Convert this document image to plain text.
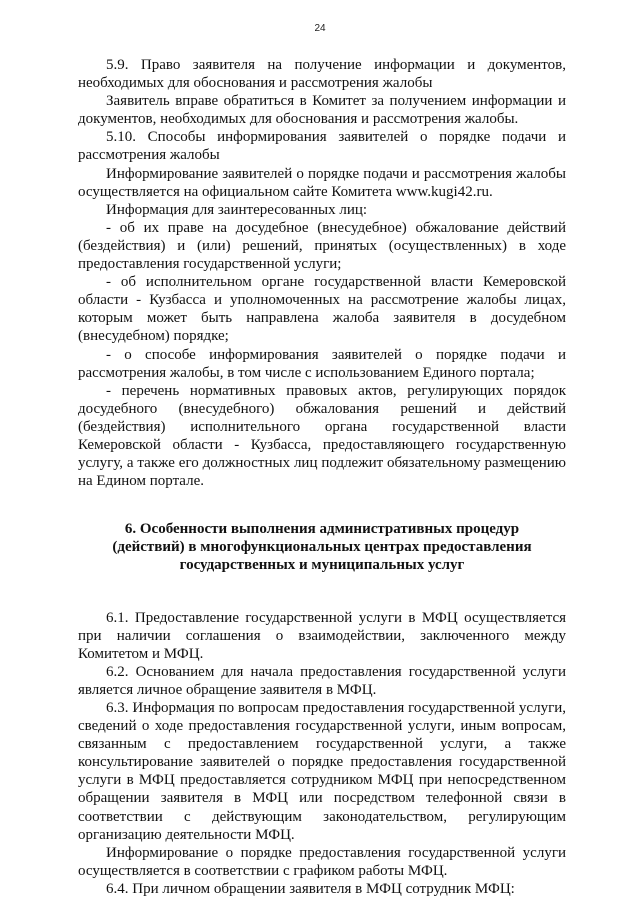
24

5.9. Право заявителя на получение информации и документов, необходимых для обоснования и рассмотрения жалобы

Заявитель вправе обратиться в Комитет за получением информации и документов, необходимых для обоснования и рассмотрения жалобы.

5.10. Способы информирования заявителей о порядке подачи и рассмотрения жалобы

Информирование заявителей о порядке подачи и рассмотрения жалобы осуществляется на официальном сайте Комитета www.kugi42.ru.

Информация для заинтересованных лиц:

- об их праве на досудебное (внесудебное) обжалование действий (бездействия) и (или) решений, принятых (осуществленных) в ходе предоставления государственной услуги;

- об исполнительном органе государственной власти Кемеровской области - Кузбасса и уполномоченных на рассмотрение жалобы лицах, которым может быть направлена жалоба заявителя в досудебном (внесудебном) порядке;

- о способе информирования заявителей о порядке подачи и рассмотрения жалобы, в том числе с использованием Единого портала;

- перечень нормативных правовых актов, регулирующих порядок досудебного (внесудебного) обжалования решений и действий (бездействия) исполнительного органа государственной власти Кемеровской области - Кузбасса, предоставляющего государственную услугу, а также его должностных лиц подлежит обязательному размещению на Едином портале.

6. Особенности выполнения административных процедур
(действий) в многофункциональных центрах предоставления
государственных и муниципальных услуг

6.1. Предоставление государственной услуги в МФЦ осуществляется при наличии соглашения о взаимодействии, заключенного между Комитетом и МФЦ.

6.2. Основанием для начала предоставления государственной услуги является личное обращение заявителя в МФЦ.

6.3. Информация по вопросам предоставления государственной услуги, сведений о ходе предоставления государственной услуги, иным вопросам, связанным с предоставлением государственной услуги, а также консультирование заявителей о порядке предоставления государственной услуги в МФЦ предоставляется сотрудником МФЦ при непосредственном обращении заявителя в МФЦ или посредством телефонной связи в соответствии с действующим законодательством, регулирующим организацию деятельности МФЦ.

Информирование о порядке предоставления государственной услуги осуществляется в соответствии с графиком работы МФЦ.

6.4. При личном обращении заявителя в МФЦ сотрудник МФЦ:
